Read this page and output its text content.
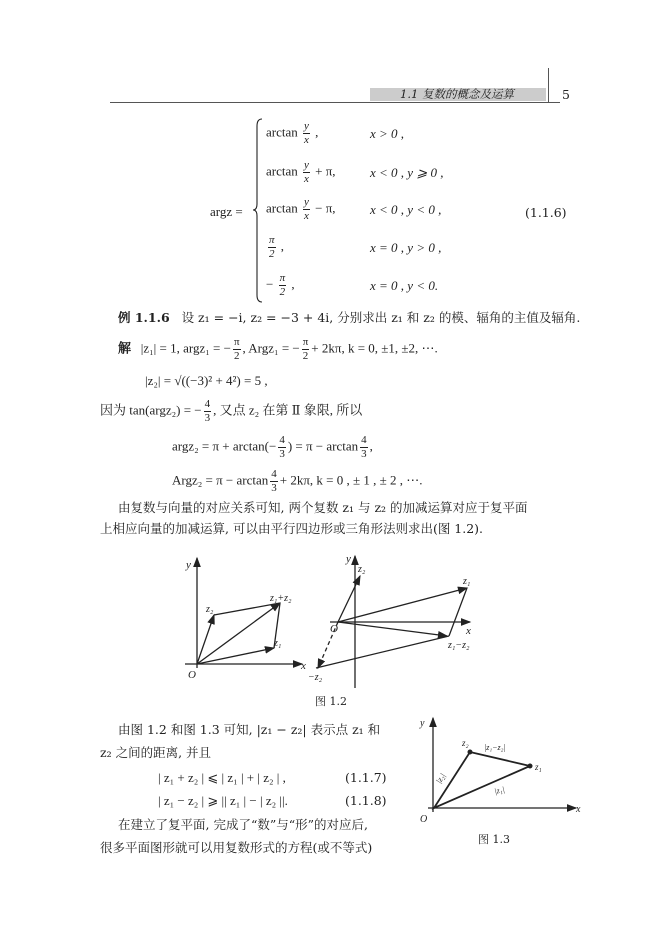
1.1 复数的概念及运算	5
argz =
$\arctan \frac{y}{x}$ ,	x > 0 ,
$\arctan \frac{y}{x} + \pi$,	x < 0 , y ⩾ 0 ,
$\arctan \frac{y}{x} - \pi$,	x < 0 , y < 0 ,
$\frac{\pi}{2}$ ,	x = 0 , y > 0 ,
− $\frac{\pi}{2}$ ,	x = 0 , y < 0.
(1.1.6)
例 1.1.6 设 z₁ = −i, z₂ = −3 + 4i, 分别求出 z₁ 和 z₂ 的模、辐角的主值及辐角.
解 |z₁| = 1, argz₁ = − $\frac{\pi}{2}$ , Argz₁ = − $\frac{\pi}{2} + 2k\pi$, k = 0, ±1, ±2, ⋯.
|z₂| = √((−3)² + 4²) = 5 ,
因为 tan(argz₂) = − $\frac{4}{3}$ , 又点 z₂ 在第 Ⅱ 象限, 所以
argz₂ = $\pi + \arctan(- \frac{4}{3}$ ) = $\pi - \arctan \frac{4}{3}$ ,
Argz₂ = $\pi - \arctan \frac{4}{3} + 2k\pi$, k = 0 , ± 1 , ± 2 , ⋯.
由复数与向量的对应关系可知, 两个复数 z₁ 与 z₂ 的加减运算对应于复平面
上相应向量的加减运算, 可以由平行四边形或三角形法则求出(图 1.2).
y
x
O
z₂
z₁+z₂
z₁
y
x
O
z₂
z₁
z₁−z₂
−z₂
图 1.2
由图 1.2 和图 1.3 可知, |z₁ − z₂| 表示点 z₁ 和
z₂ 之间的距离, 并且
| z₁ + z₂ | ⩽ | z₁ | + | z₂ | ,	(1.1.7)
| z₁ − z₂ | ⩾ || z₁ | − | z₂ ||.	(1.1.8)
在建立了复平面, 完成了“数”与“形”的对应后,
很多平面图形就可以用复数形式的方程(或不等式)
y
x
O
z₂
z₁
|z₁−z₂|
|z₁|
|z₂|
图 1.3
